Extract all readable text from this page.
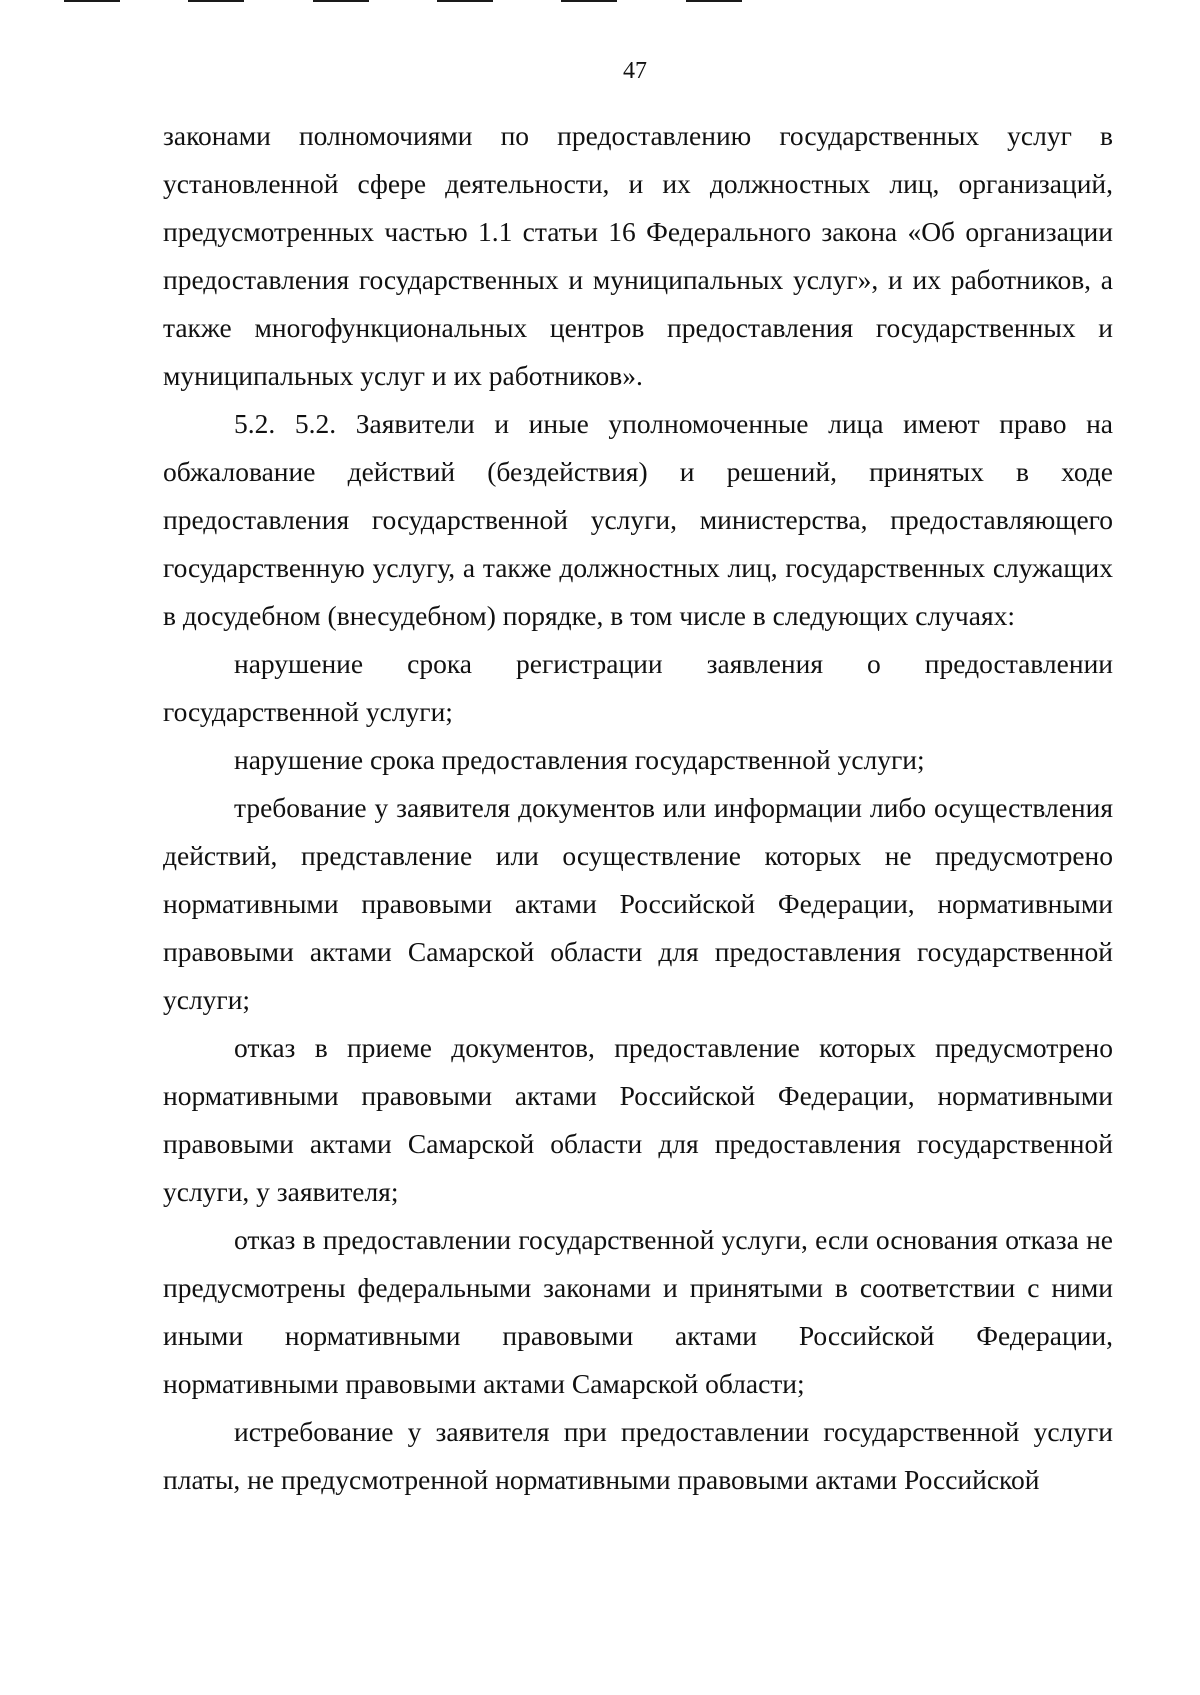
47

законами полномочиями по предоставлению государственных услуг в установленной сфере деятельности, и их должностных лиц, организаций, предусмотренных частью 1.1 статьи 16 Федерального закона «Об организации предоставления государственных и муниципальных услуг», и их работников, а также многофункциональных центров предоставления государственных и муниципальных услуг и их работников».

5.2. 5.2. Заявители и иные уполномоченные лица имеют право на обжалование действий (бездействия) и решений, принятых в ходе предоставления государственной услуги, министерства, предоставляющего государственную услугу, а также должностных лиц, государственных служащих в досудебном (внесудебном) порядке, в том числе в следующих случаях:

нарушение срока регистрации заявления о предоставлении государственной услуги;

нарушение срока предоставления государственной услуги;

требование у заявителя документов или информации либо осуществления действий, представление или осуществление которых не предусмотрено нормативными правовыми актами Российской Федерации, нормативными правовыми актами Самарской области для предоставления государственной услуги;

отказ в приеме документов, предоставление которых предусмотрено нормативными правовыми актами Российской Федерации, нормативными правовыми актами Самарской области для предоставления государственной услуги, у заявителя;

отказ в предоставлении государственной услуги, если основания отказа не предусмотрены федеральными законами и принятыми в соответствии с ними иными нормативными правовыми актами Российской Федерации, нормативными правовыми актами Самарской области;

истребование у заявителя при предоставлении государственной услуги платы, не предусмотренной нормативными правовыми актами Российской
